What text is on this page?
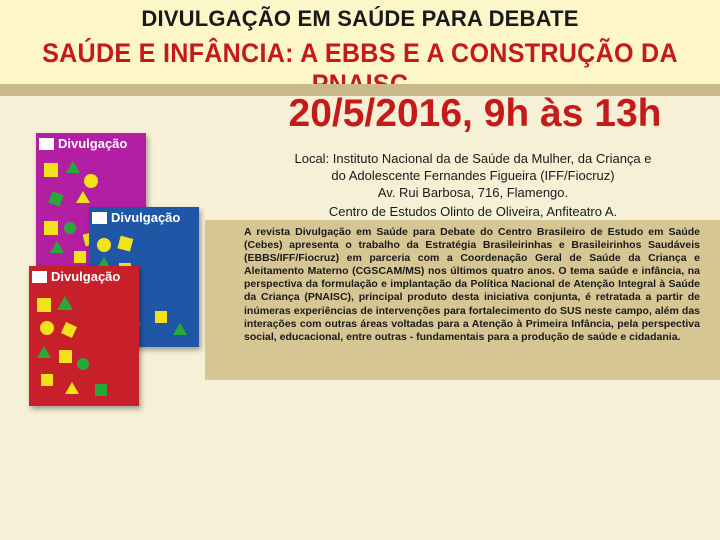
DIVULGAÇÃO EM SAÚDE PARA DEBATE
SAÚDE E INFÂNCIA: A EBBS E A CONSTRUÇÃO DA
Divulgação
Divulgação
Divulgação
20/5/2016, 9h às 13h
Local: Instituto Nacional da de Saúde da Mulher, da Criança e
do Adolescente Fernandes Figueira (IFF/Fiocruz)
Av. Rui Barbosa, 716, Flamengo.
Centro de Estudos Olinto de Oliveira, Anfiteatro A.
A revista Divulgação em Saúde para Debate do Centro Brasileiro de Estudo em Saúde (Cebes) apresenta o trabalho da Estratégia Brasileirinhas e Brasileirinhos Saudáveis (EBBS/IFF/Fiocruz) em parceria com a Coordenação Geral de Saúde da Criança e Aleitamento Materno (CGSCAM/MS) nos últimos quatro anos. O tema saúde e infância, na perspectiva da formulação e implantação da Política Nacional de Atenção Integral à Saúde da Criança (PNAISC), principal produto desta iniciativa conjunta, é retratada a partir de inúmeras experiências de intervenções para fortalecimento do SUS neste campo, além das interações com outras áreas voltadas para a Atenção à Primeira Infância, pela perspectiva social, educacional, entre outras - fundamentais para a produção de saúde e cidadania.
